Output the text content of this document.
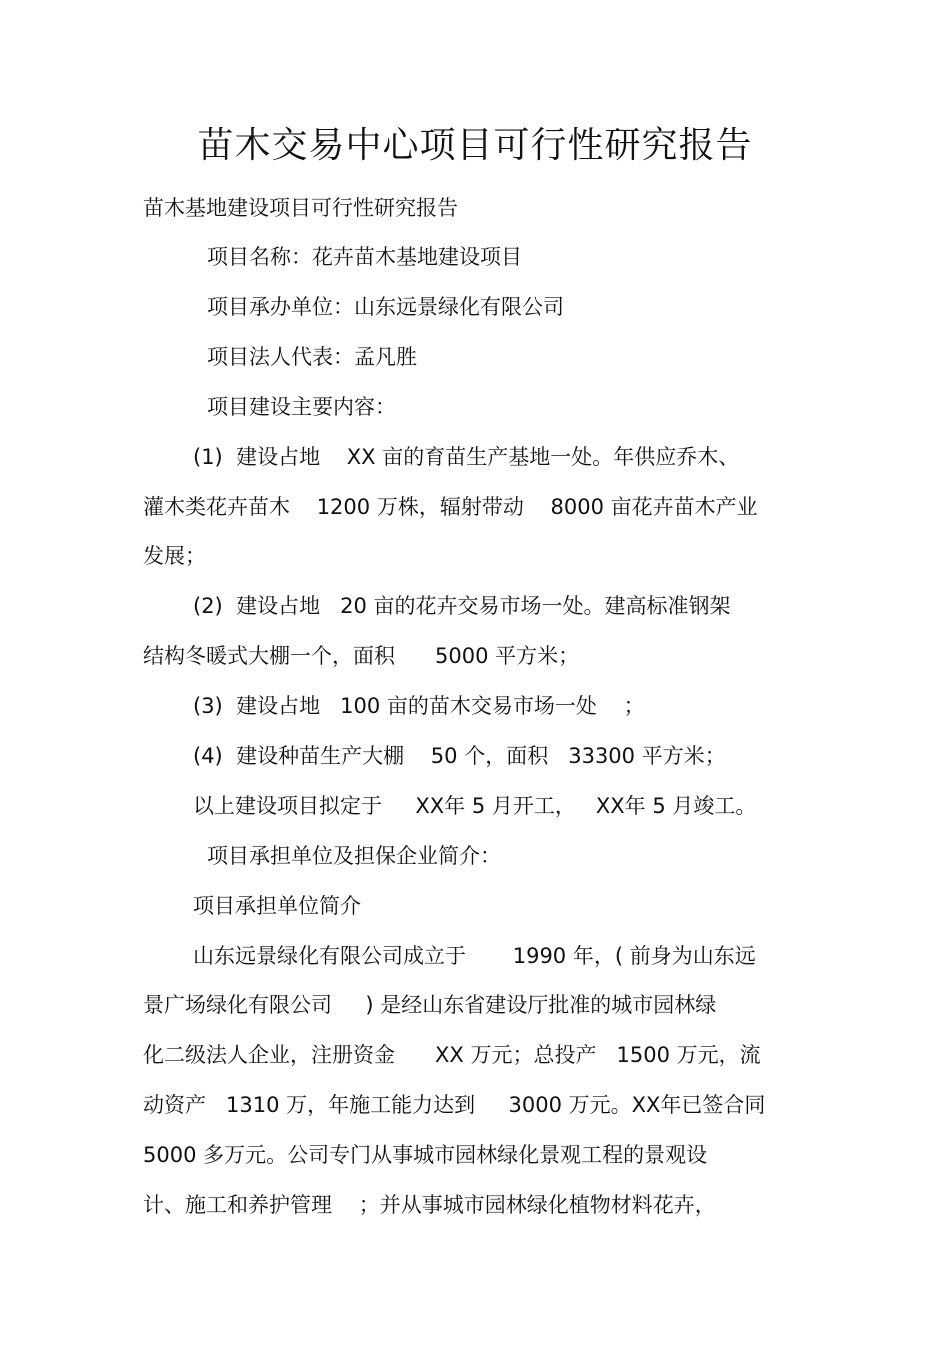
苗木交易中心项目可行性研究报告
苗木基地建设项目可行性研究报告
项目名称：花卉苗木基地建设项目
项目承办单位：山东远景绿化有限公司
项目法人代表：孟凡胜
项目建设主要内容：
(1)  建设占地    XX 亩的育苗生产基地一处。年供应乔木、
灌木类花卉苗木    1200 万株，辐射带动    8000 亩花卉苗木产业
发展；
(2)  建设占地   20 亩的花卉交易市场一处。建高标准钢架
结构冬暖式大棚一个，面积      5000 平方米；
(3)  建设占地   100 亩的苗木交易市场一处    ；
(4)  建设种苗生产大棚    50 个，面积   33300 平方米；
以上建设项目拟定于     XX年 5 月开工，   XX年 5 月竣工。
项目承担单位及担保企业简介：
项目承担单位简介
山东远景绿化有限公司成立于       1990 年，( 前身为山东远
景广场绿化有限公司     ) 是经山东省建设厅批准的城市园林绿
化二级法人企业，注册资金      XX 万元；总投产   1500 万元，流
动资产   1310 万，年施工能力达到     3000 万元。XX年已签合同
5000 多万元。公司专门从事城市园林绿化景观工程的景观设
计、施工和养护管理    ；并从事城市园林绿化植物材料花卉，
